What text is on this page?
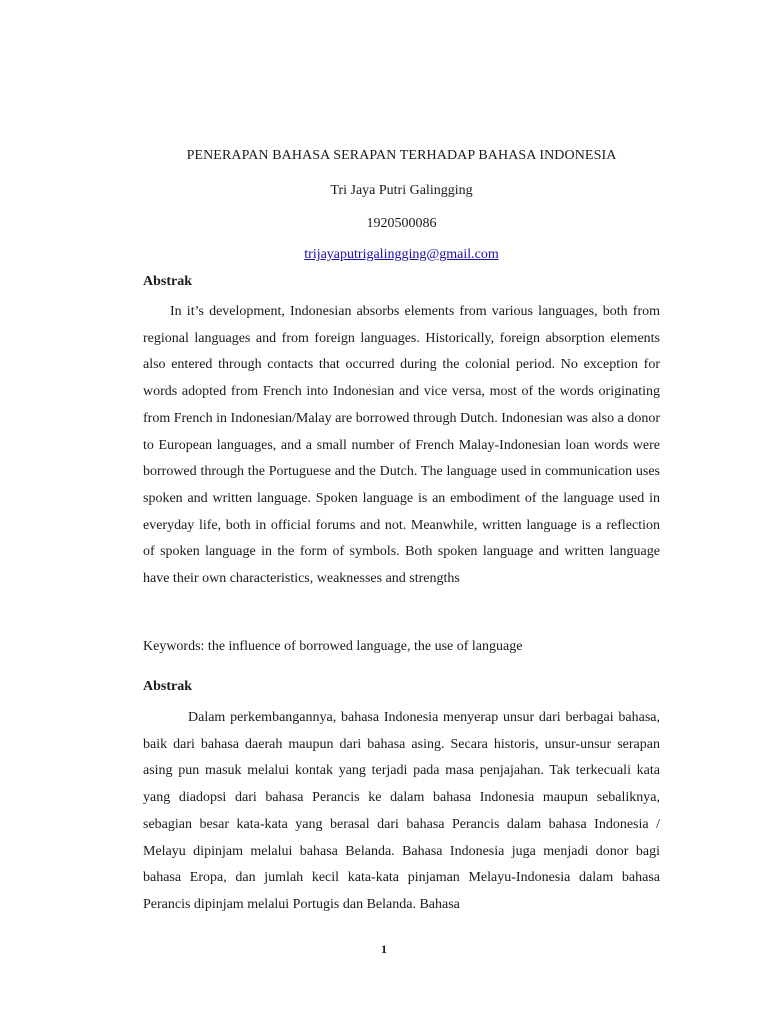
PENERAPAN BAHASA SERAPAN TERHADAP BAHASA INDONESIA
Tri Jaya Putri Galingging
1920500086
trijayaputrigalingging@gmail.com
Abstrak

In it’s development, Indonesian absorbs elements from various languages, both from regional languages and from foreign languages. Historically, foreign absorption elements also entered through contacts that occurred during the colonial period. No exception for words adopted from French into Indonesian and vice versa, most of the words originating from French in Indonesian/Malay are borrowed through Dutch. Indonesian was also a donor to European languages, and a small number of French Malay-Indonesian loan words were borrowed through the Portuguese and the Dutch. The language used in communication uses spoken and written language. Spoken language is an embodiment of the language used in everyday life, both in official forums and not. Meanwhile, written language is a reflection of spoken language in the form of symbols. Both spoken language and written language have their own characteristics, weaknesses and strengths

Keywords: the influence of borrowed language, the use of language
Abstrak

Dalam perkembangannya, bahasa Indonesia menyerap unsur dari berbagai bahasa, baik dari bahasa daerah maupun dari bahasa asing. Secara historis, unsur-unsur serapan asing pun masuk melalui kontak yang terjadi pada masa penjajahan. Tak terkecuali kata yang diadopsi dari bahasa Perancis ke dalam bahasa Indonesia maupun sebaliknya, sebagian besar kata-kata yang berasal dari bahasa Perancis dalam bahasa Indonesia / Melayu dipinjam melalui bahasa Belanda. Bahasa Indonesia juga menjadi donor bagi bahasa Eropa, dan jumlah kecil kata-kata pinjaman Melayu-Indonesia dalam bahasa Perancis dipinjam melalui Portugis dan Belanda. Bahasa

1
